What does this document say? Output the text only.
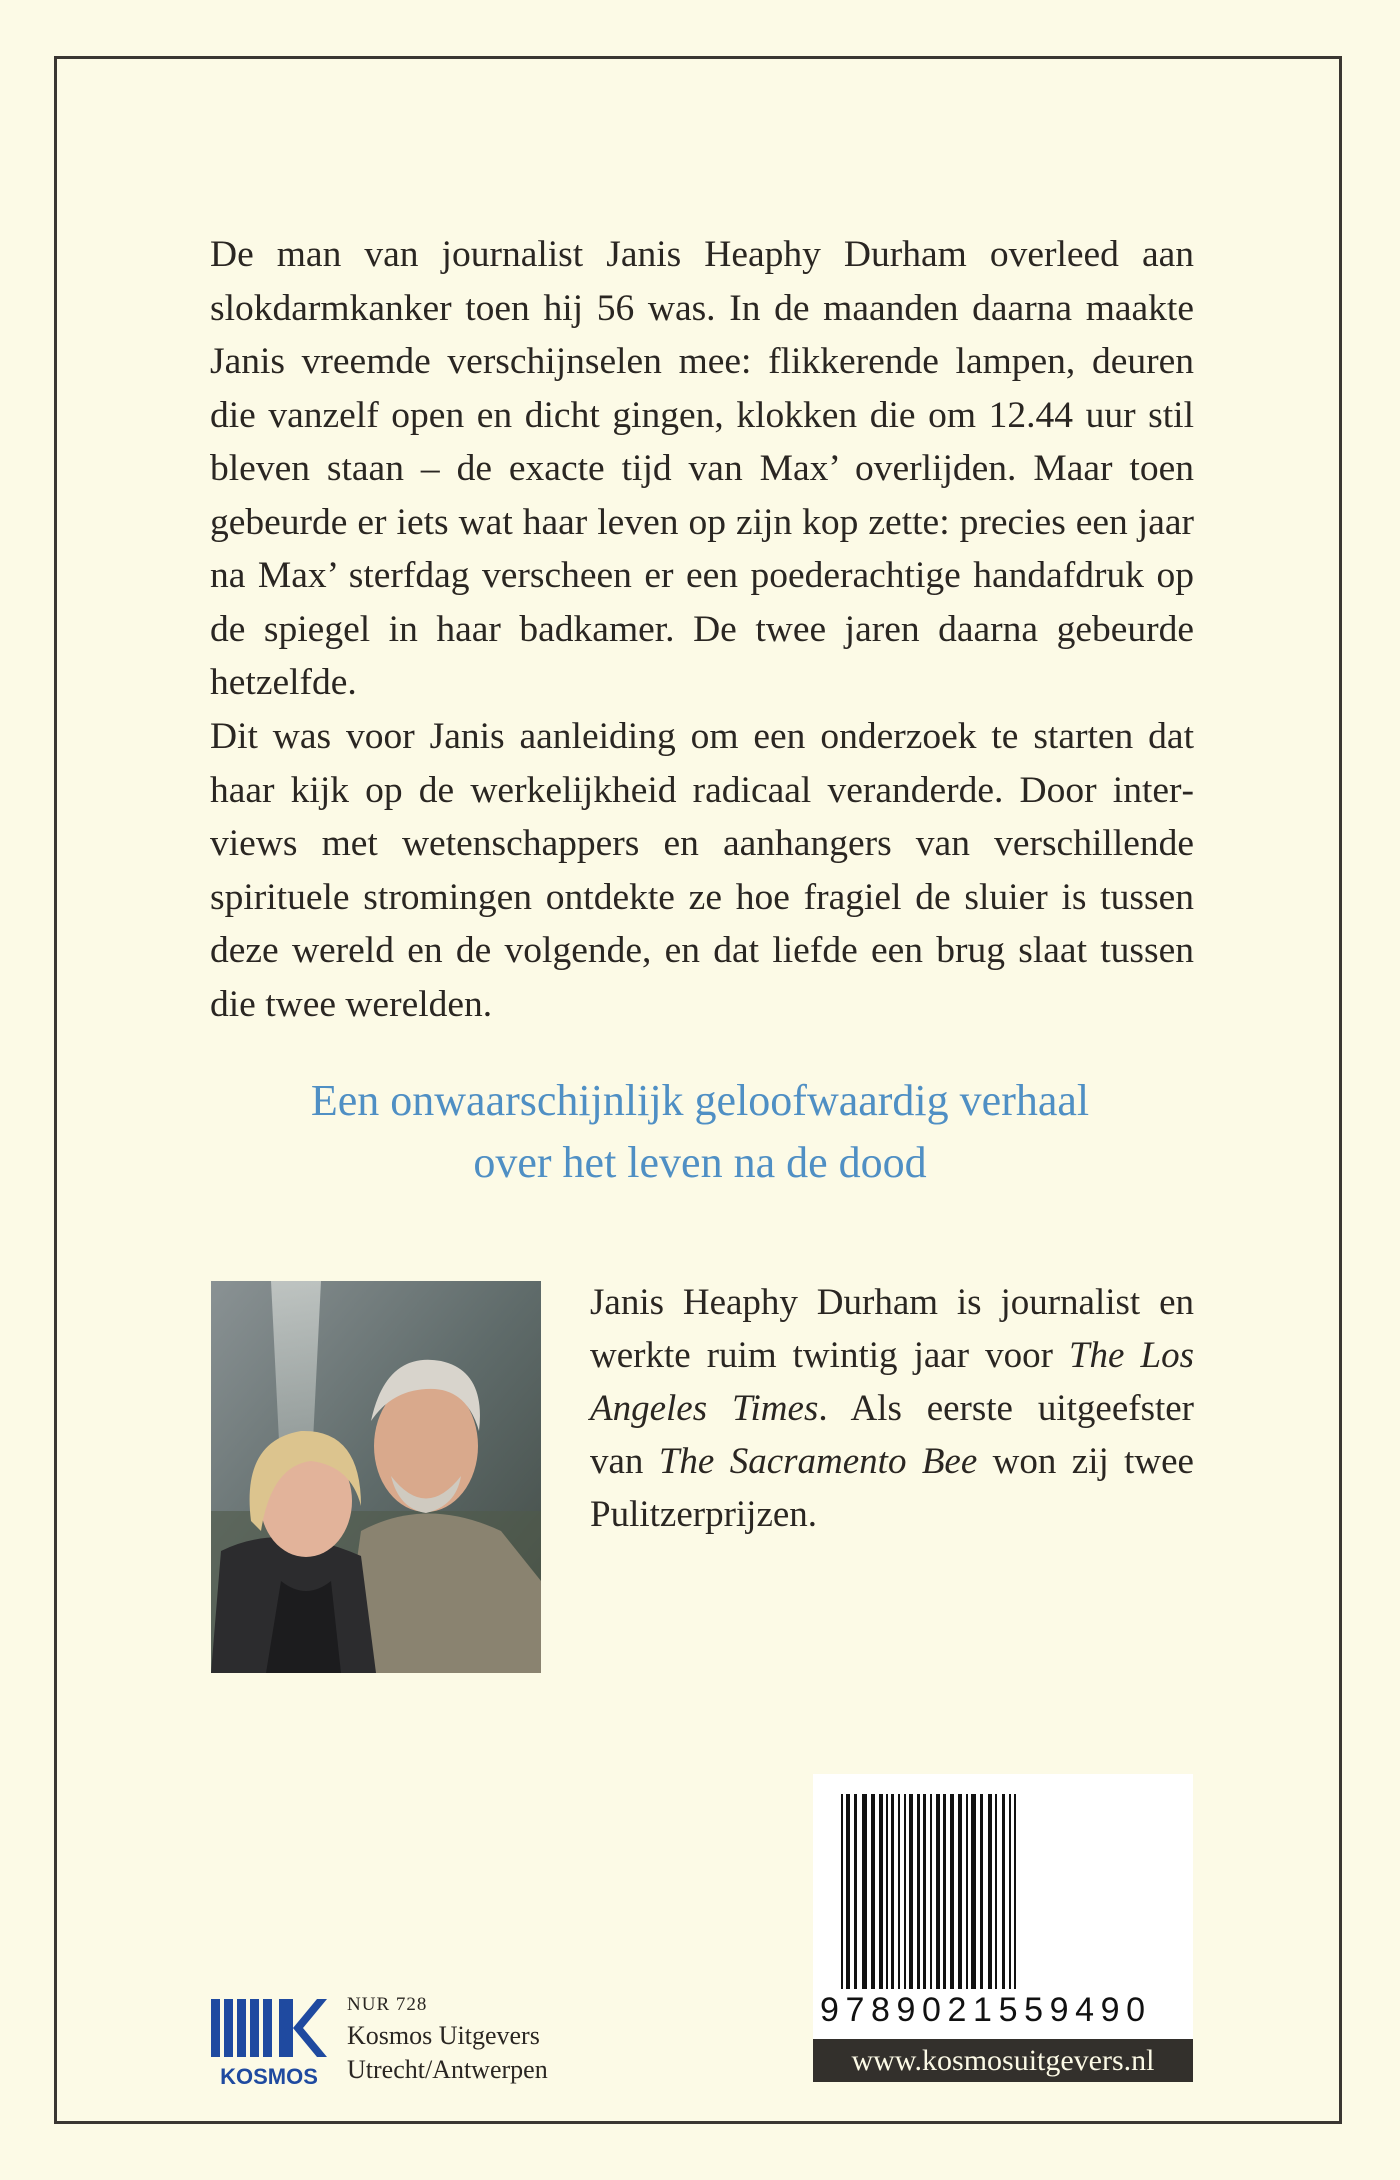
De man van journalist Janis Heaphy Durham overleed aan slokdarmkanker toen hij 56 was. In de maanden daarna maakte Janis vreemde verschijnselen mee: flikkerende lampen, deuren die vanzelf open en dicht gingen, klokken die om 12.44 uur stil bleven staan – de exacte tijd van Max’ overlijden. Maar toen gebeurde er iets wat haar leven op zijn kop zette: precies een jaar na Max’ sterfdag verscheen er een poederachtige handafdruk op de spiegel in haar badkamer. De twee jaren daarna gebeurde hetzelfde.

Dit was voor Janis aanleiding om een onderzoek te starten dat haar kijk op de werkelijkheid radicaal veranderde. Door interviews met wetenschappers en aanhangers van verschillende spirituele stromingen ontdekte ze hoe fragiel de sluier is tussen deze wereld en de volgende, en dat liefde een brug slaat tussen die twee werelden.

Een onwaarschijnlijk geloofwaardig verhaal
over het leven na de dood

Janis Heaphy Durham is journalist en werkte ruim twintig jaar voor The Los Angeles Times. Als eerste uitgeefster van The Sacramento Bee won zij twee Pulitzerprijzen.

KOSMOS
NUR 728
Kosmos Uitgevers
Utrecht/Antwerpen
9789021559490
www.kosmosuitgevers.nl
